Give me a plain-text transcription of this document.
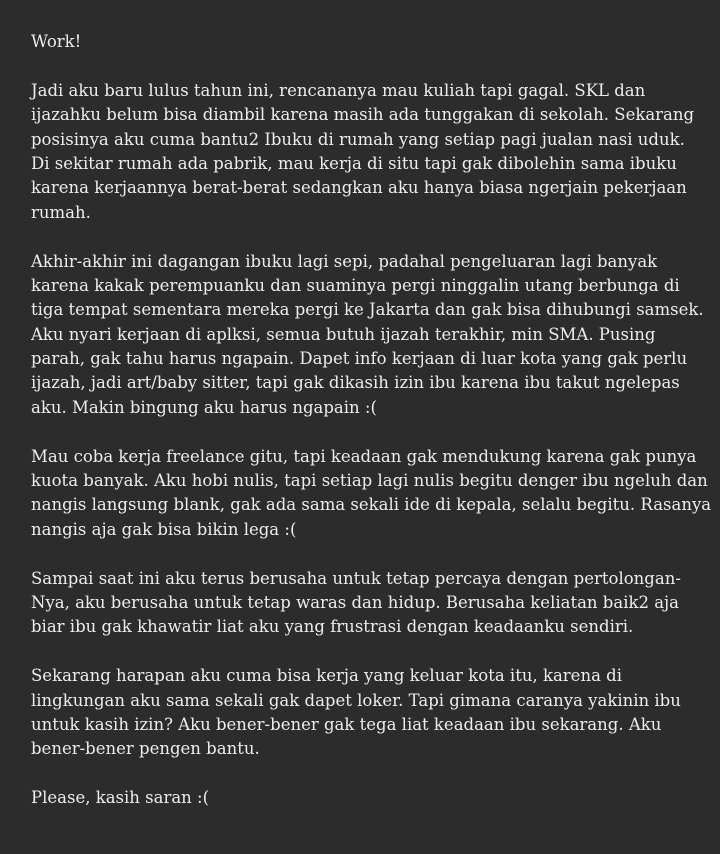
Work!
Jadi aku baru lulus tahun ini, rencananya mau kuliah tapi gagal. SKL dan
ijazahku belum bisa diambil karena masih ada tunggakan di sekolah. Sekarang
posisinya aku cuma bantu2 Ibuku di rumah yang setiap pagi jualan nasi uduk.
Di sekitar rumah ada pabrik, mau kerja di situ tapi gak dibolehin sama ibuku
karena kerjaannya berat-berat sedangkan aku hanya biasa ngerjain pekerjaan
rumah.
Akhir-akhir ini dagangan ibuku lagi sepi, padahal pengeluaran lagi banyak
karena kakak perempuanku dan suaminya pergi ninggalin utang berbunga di
tiga tempat sementara mereka pergi ke Jakarta dan gak bisa dihubungi samsek.
Aku nyari kerjaan di aplksi, semua butuh ijazah terakhir, min SMA. Pusing
parah, gak tahu harus ngapain. Dapet info kerjaan di luar kota yang gak perlu
ijazah, jadi art/baby sitter, tapi gak dikasih izin ibu karena ibu takut ngelepas
aku. Makin bingung aku harus ngapain :(
Mau coba kerja freelance gitu, tapi keadaan gak mendukung karena gak punya
kuota banyak. Aku hobi nulis, tapi setiap lagi nulis begitu denger ibu ngeluh dan
nangis langsung blank, gak ada sama sekali ide di kepala, selalu begitu. Rasanya
nangis aja gak bisa bikin lega :(
Sampai saat ini aku terus berusaha untuk tetap percaya dengan pertolongan-
Nya, aku berusaha untuk tetap waras dan hidup. Berusaha keliatan baik2 aja
biar ibu gak khawatir liat aku yang frustrasi dengan keadaanku sendiri.
Sekarang harapan aku cuma bisa kerja yang keluar kota itu, karena di
lingkungan aku sama sekali gak dapet loker. Tapi gimana caranya yakinin ibu
untuk kasih izin? Aku bener-bener gak tega liat keadaan ibu sekarang. Aku
bener-bener pengen bantu.
Please, kasih saran :(
